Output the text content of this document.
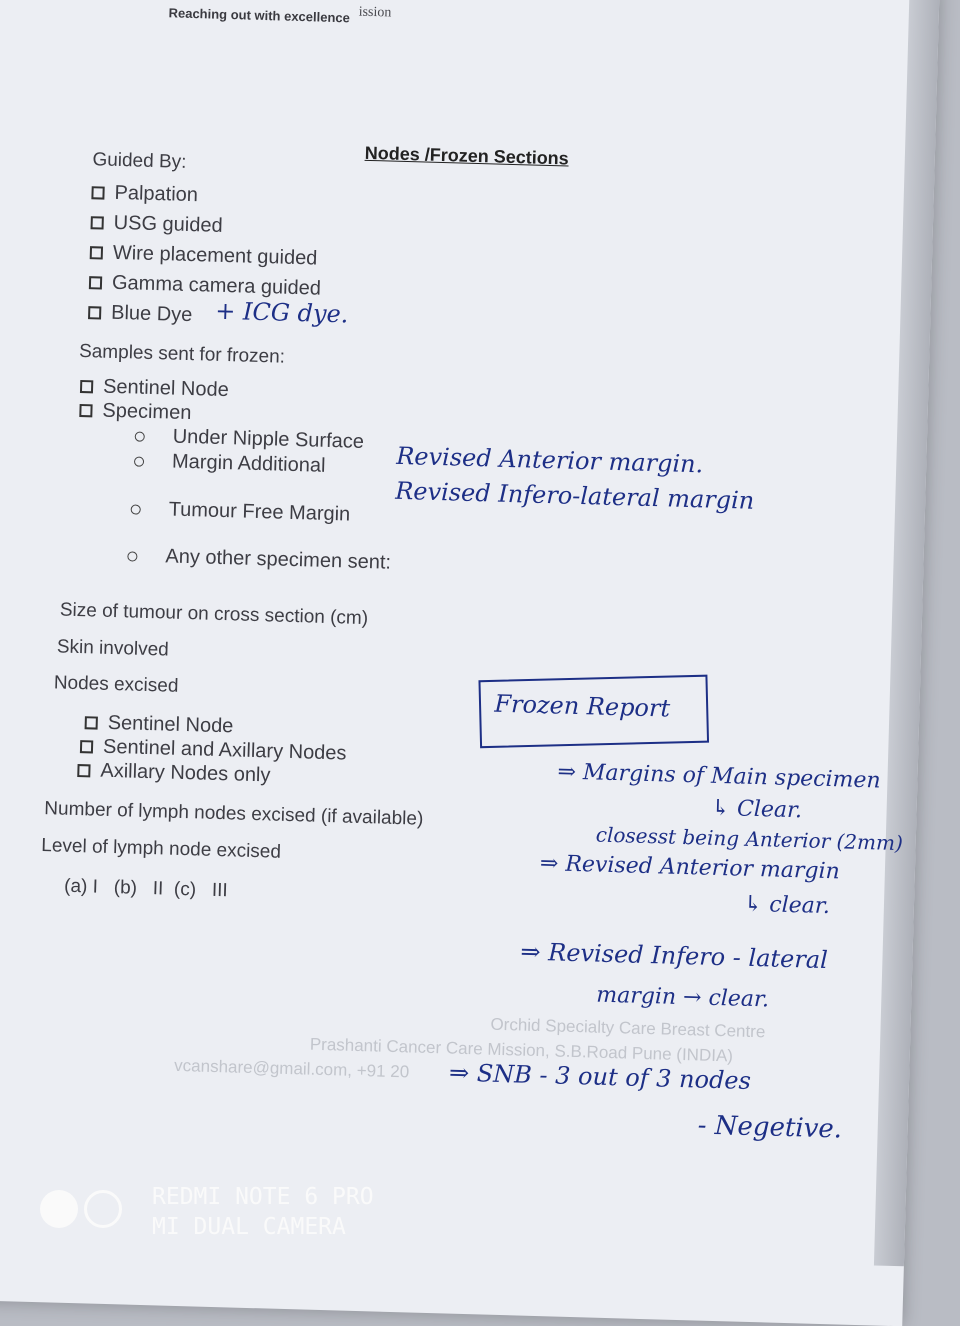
Reaching out with excellence ission
Nodes /Frozen Sections
Guided By:
Palpation
USG guided
Wire placement guided
Gamma camera guided
Blue Dye + ICG dye.
Samples sent for frozen:
Sentinel Node
Specimen
Under Nipple Surface
Margin Additional	Revised Anterior margin.
Revised Infero-lateral margin
Tumour Free Margin
Any other specimen sent:
Size of tumour on cross section (cm)
Skin involved
Nodes excised
Sentinel Node
Sentinel and Axillary Nodes
Axillary Nodes only
Number of lymph nodes excised (if available)
Level of lymph node excised
(a) I   (b)   II  (c)   III
Frozen Report
⇒ Margins of Main specimen
↳ Clear.
closesst being Anterior (2mm)
⇒ Revised Anterior margin
↳ clear.
⇒ Revised Infero - lateral
margin → clear.
Orchid Specialty Care Breast Centre
Prashanti Cancer Care Mission, S.B.Road Pune (INDIA)
vcanshare@gmail.com, +91 20 ⇒ SNB - 3 out of 3 nodes
- Negetive.
REDMI NOTE 6 PRO
MI DUAL CAMERA
